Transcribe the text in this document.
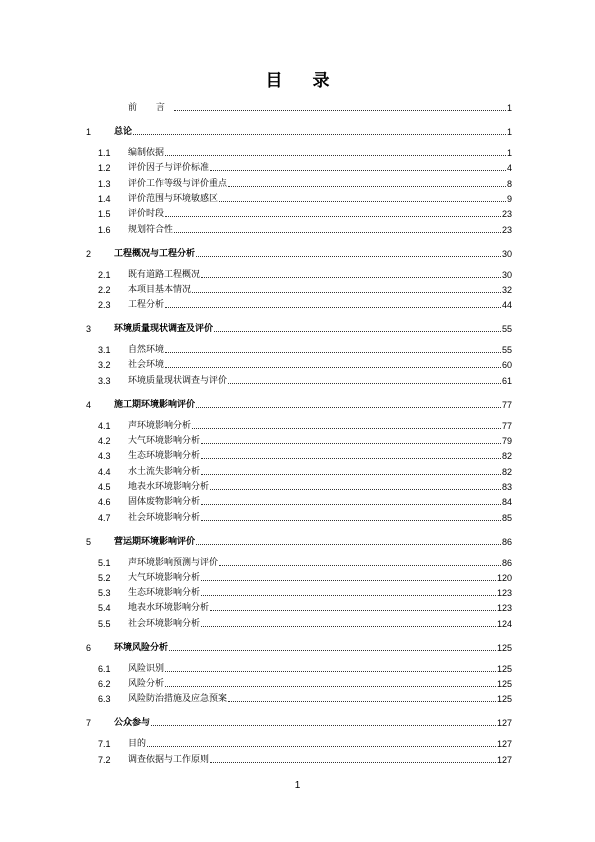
目 录
前 言	1
1	总论	1
1.1	编制依据	1
1.2	评价因子与评价标准	4
1.3	评价工作等级与评价重点	8
1.4	评价范围与环境敏感区	9
1.5	评价时段	23
1.6	规划符合性	23
2	工程概况与工程分析	30
2.1	既有道路工程概况	30
2.2	本项目基本情况	32
2.3	工程分析	44
3	环境质量现状调查及评价	55
3.1	自然环境	55
3.2	社会环境	60
3.3	环境质量现状调查与评价	61
4	施工期环境影响评价	77
4.1	声环境影响分析	77
4.2	大气环境影响分析	79
4.3	生态环境影响分析	82
4.4	水土流失影响分析	82
4.5	地表水环境影响分析	83
4.6	固体废物影响分析	84
4.7	社会环境影响分析	85
5	营运期环境影响评价	86
5.1	声环境影响预测与评价	86
5.2	大气环境影响分析	120
5.3	生态环境影响分析	123
5.4	地表水环境影响分析	123
5.5	社会环境影响分析	124
6	环境风险分析	125
6.1	风险识别	125
6.2	风险分析	125
6.3	风险防治措施及应急预案	125
7	公众参与	127
7.1	目的	127
7.2	调查依据与工作原则	127
1
